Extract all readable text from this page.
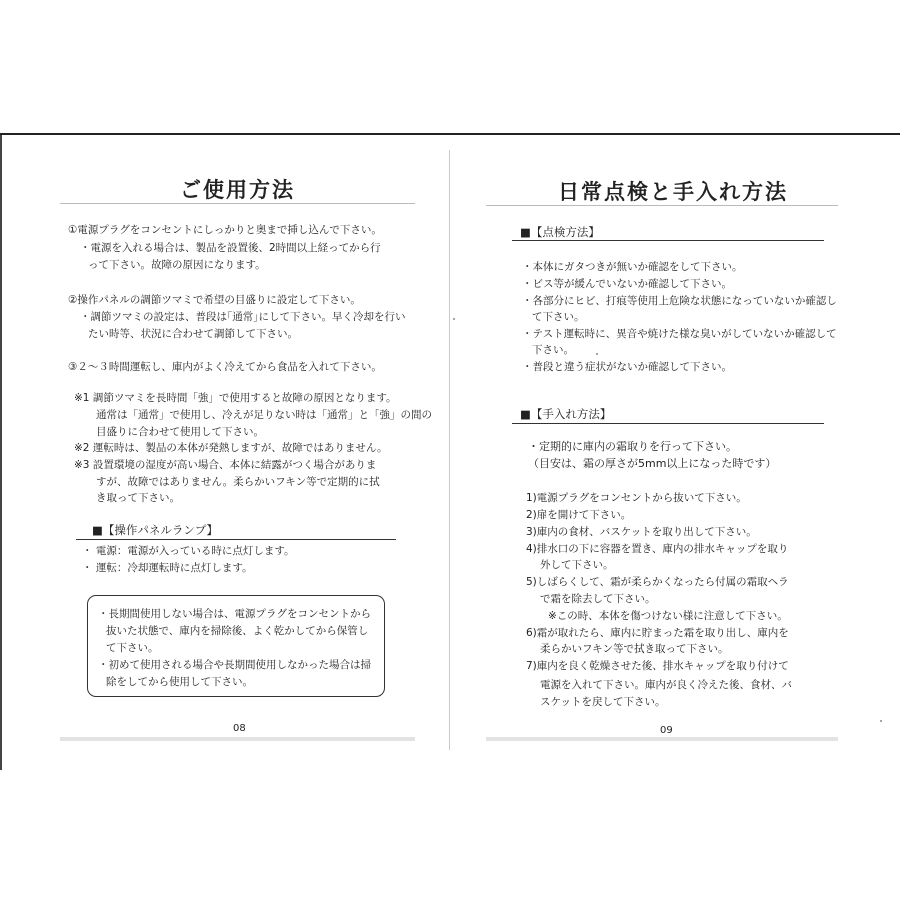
ご使用方法
①電源プラグをコンセントにしっかりと奥まで挿し込んで下さい。
・電源を入れる場合は、製品を設置後、2時間以上経ってから行
って下さい。故障の原因になります。
②操作パネルの調節ツマミで希望の目盛りに設定して下さい。
・調節ツマミの設定は、普段は｢通常｣にして下さい。早く冷却を行い
たい時等、状況に合わせて調節して下さい。
③２～３時間運転し、庫内がよく冷えてから食品を入れて下さい。
※1 調節ツマミを長時間「強」で使用すると故障の原因となります。
通常は「通常」で使用し、冷えが足りない時は「通常」と「強」の間の
目盛りに合わせて使用して下さい。
※2 運転時は、製品の本体が発熱しますが、故障ではありません。
※3 設置環境の湿度が高い場合、本体に結露がつく場合がありま
すが、故障ではありません。柔らかいフキン等で定期的に拭
き取って下さい。
■【操作パネルランプ】
・ 電源：電源が入っている時に点灯します。
・ 運転：冷却運転時に点灯します。
・長期間使用しない場合は、電源プラグをコンセントから
抜いた状態で、庫内を掃除後、よく乾かしてから保管し
て下さい。
・初めて使用される場合や長期間使用しなかった場合は掃
除をしてから使用して下さい。
08
日常点検と手入れ方法
■【点検方法】
・本体にガタつきが無いか確認をして下さい。
・ビス等が緩んでいないか確認して下さい。
・各部分にヒビ、打痕等使用上危険な状態になっていないか確認し
て下さい。
・テスト運転時に、異音や焼けた様な臭いがしていないか確認して
下さい。
・普段と違う症状がないか確認して下さい。
■【手入れ方法】
・定期的に庫内の霜取りを行って下さい。
（目安は、霜の厚さが5mm以上になった時です）
1)電源プラグをコンセントから抜いて下さい。
2)扉を開けて下さい。
3)庫内の食材、バスケットを取り出して下さい。
4)排水口の下に容器を置き、庫内の排水キャップを取り
外して下さい。
5)しばらくして、霜が柔らかくなったら付属の霜取ヘラ
で霜を除去して下さい。
※この時、本体を傷つけない様に注意して下さい。
6)霜が取れたら、庫内に貯まった霜を取り出し、庫内を
柔らかいフキン等で拭き取って下さい。
7)庫内を良く乾燥させた後、排水キャップを取り付けて
電源を入れて下さい。庫内が良く冷えた後、食材、バ
スケットを戻して下さい。
09
